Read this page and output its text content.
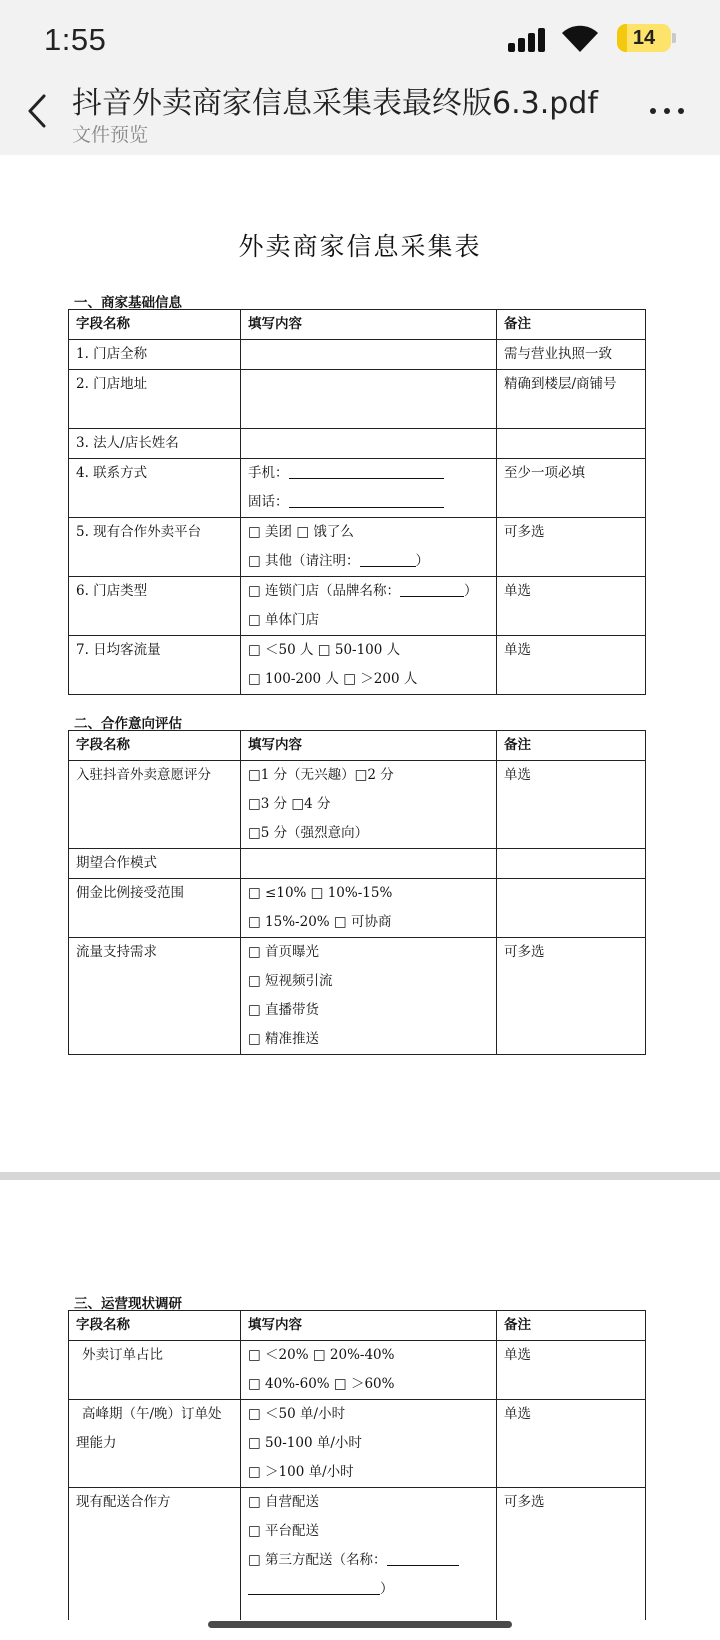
1:55	14
抖音外卖商家信息采集表最终版6.3.pdf
文件预览
外卖商家信息采集表
一、商家基础信息
字段名称	填写内容	备注

1. 门店全称		需与营业执照一致

2. 门店地址		精确到楼层/商铺号

3. 法人/店长姓名		

4. 联系方式	手机：
固话：	至少一项必填

5. 现有合作外卖平台	□ 美团 □ 饿了么
□ 其他（请注明： ）	可多选

6. 门店类型	□ 连锁门店（品牌名称： ）
□ 单体门店	单选

7. 日均客流量	□ ＜50 人 □ 50-100 人
□ 100-200 人 □ ＞200 人	单选
二、合作意向评估
字段名称	填写内容	备注

入驻抖音外卖意愿评分	□1 分（无兴趣）□2 分
□3 分 □4 分
□5 分（强烈意向）	单选

期望合作模式		

佣金比例接受范围	□ ≤10% □ 10%-15%
□ 15%-20% □ 可协商	

流量支持需求	□ 首页曝光
□ 短视频引流
□ 直播带货
□ 精准推送	可多选
三、运营现状调研
字段名称	填写内容	备注

外卖订单占比	□ ＜20% □ 20%-40%
□ 40%-60% □ ＞60%	单选

高峰期（午/晚）订单处
理能力	□ ＜50 单/小时
□ 50-100 单/小时
□ ＞100 单/小时	单选

现有配送合作方	□ 自营配送
□ 平台配送
□ 第三方配送（名称：
）	可多选
